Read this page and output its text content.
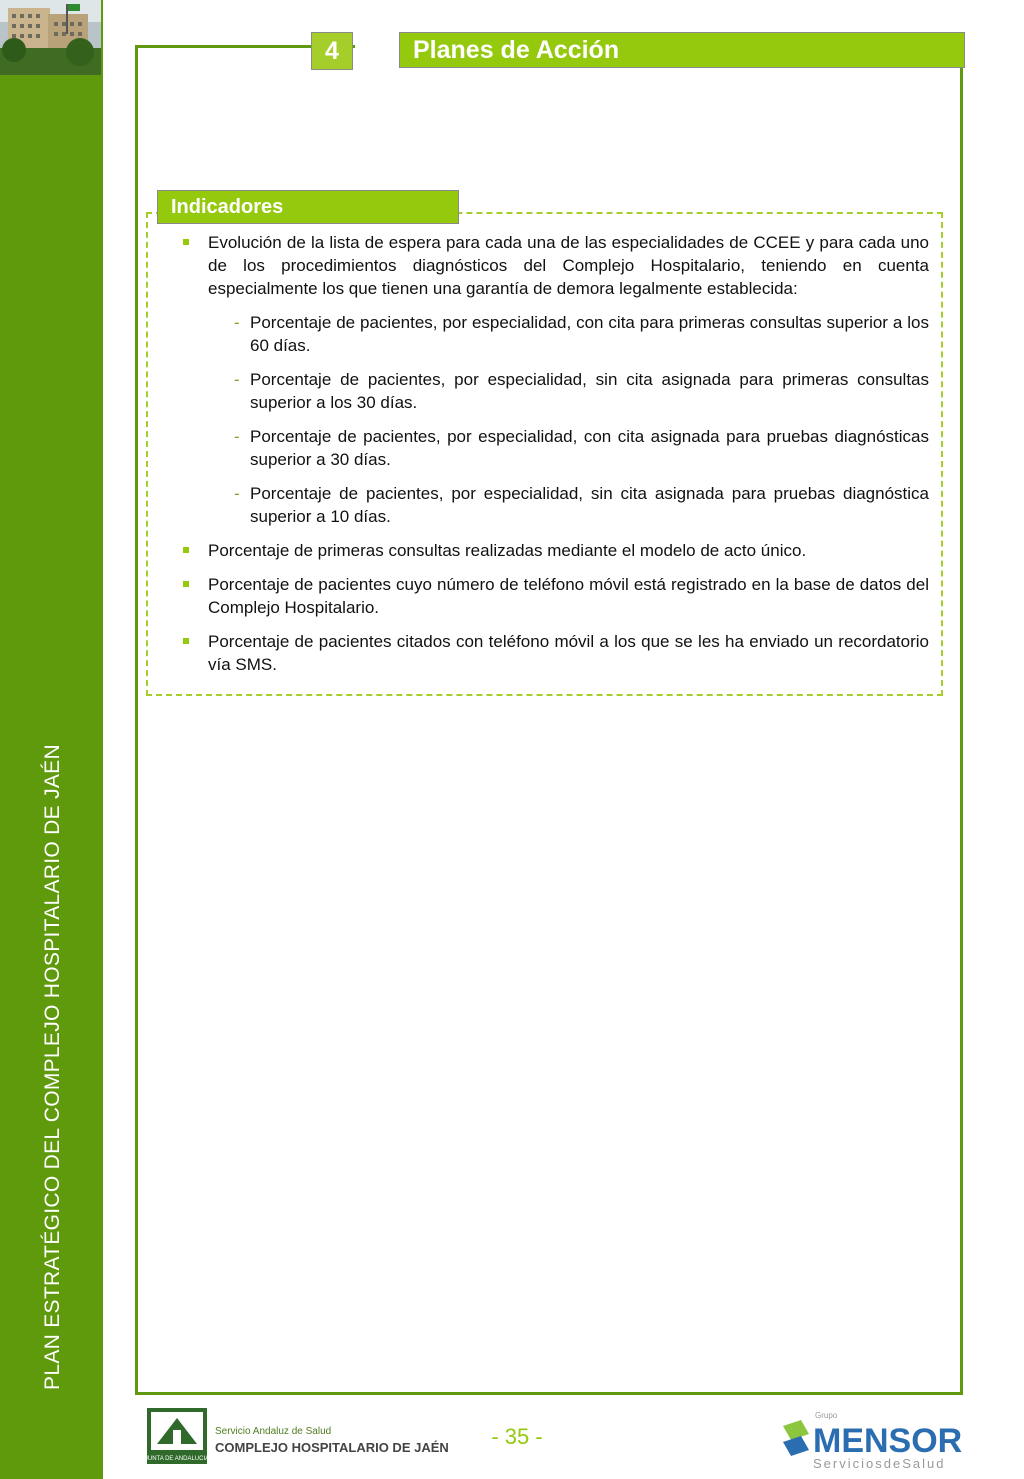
PLAN ESTRATÉGICO DEL COMPLEJO HOSPITALARIO DE JAÉN
4	Planes de Acción
Indicadores
Evolución de la lista de espera para cada una de las especialidades de CCEE y para cada uno de los procedimientos diagnósticos del Complejo Hospitalario, teniendo en cuenta especialmente los que tienen una garantía de demora legalmente establecida:
- Porcentaje de pacientes, por especialidad, con cita para primeras consultas superior a los 60 días.
- Porcentaje de pacientes, por especialidad, sin cita asignada para primeras consultas superior a los 30 días.
- Porcentaje de pacientes, por especialidad, con cita asignada para pruebas diagnósticas superior a 30 días.
- Porcentaje de pacientes, por especialidad, sin cita asignada para pruebas diagnóstica superior a 10 días.
Porcentaje de primeras consultas realizadas mediante el modelo de acto único.
Porcentaje de pacientes cuyo número de teléfono móvil está registrado en la base de datos del Complejo Hospitalario.
Porcentaje de pacientes citados con teléfono móvil a los que se les ha enviado un recordatorio vía SMS.
JUNTA DE ANDALUCIA
Servicio Andaluz de Salud
COMPLEJO HOSPITALARIO DE JAÉN	- 35 -
Grupo
MENSOR
ServiciosdeSalud
